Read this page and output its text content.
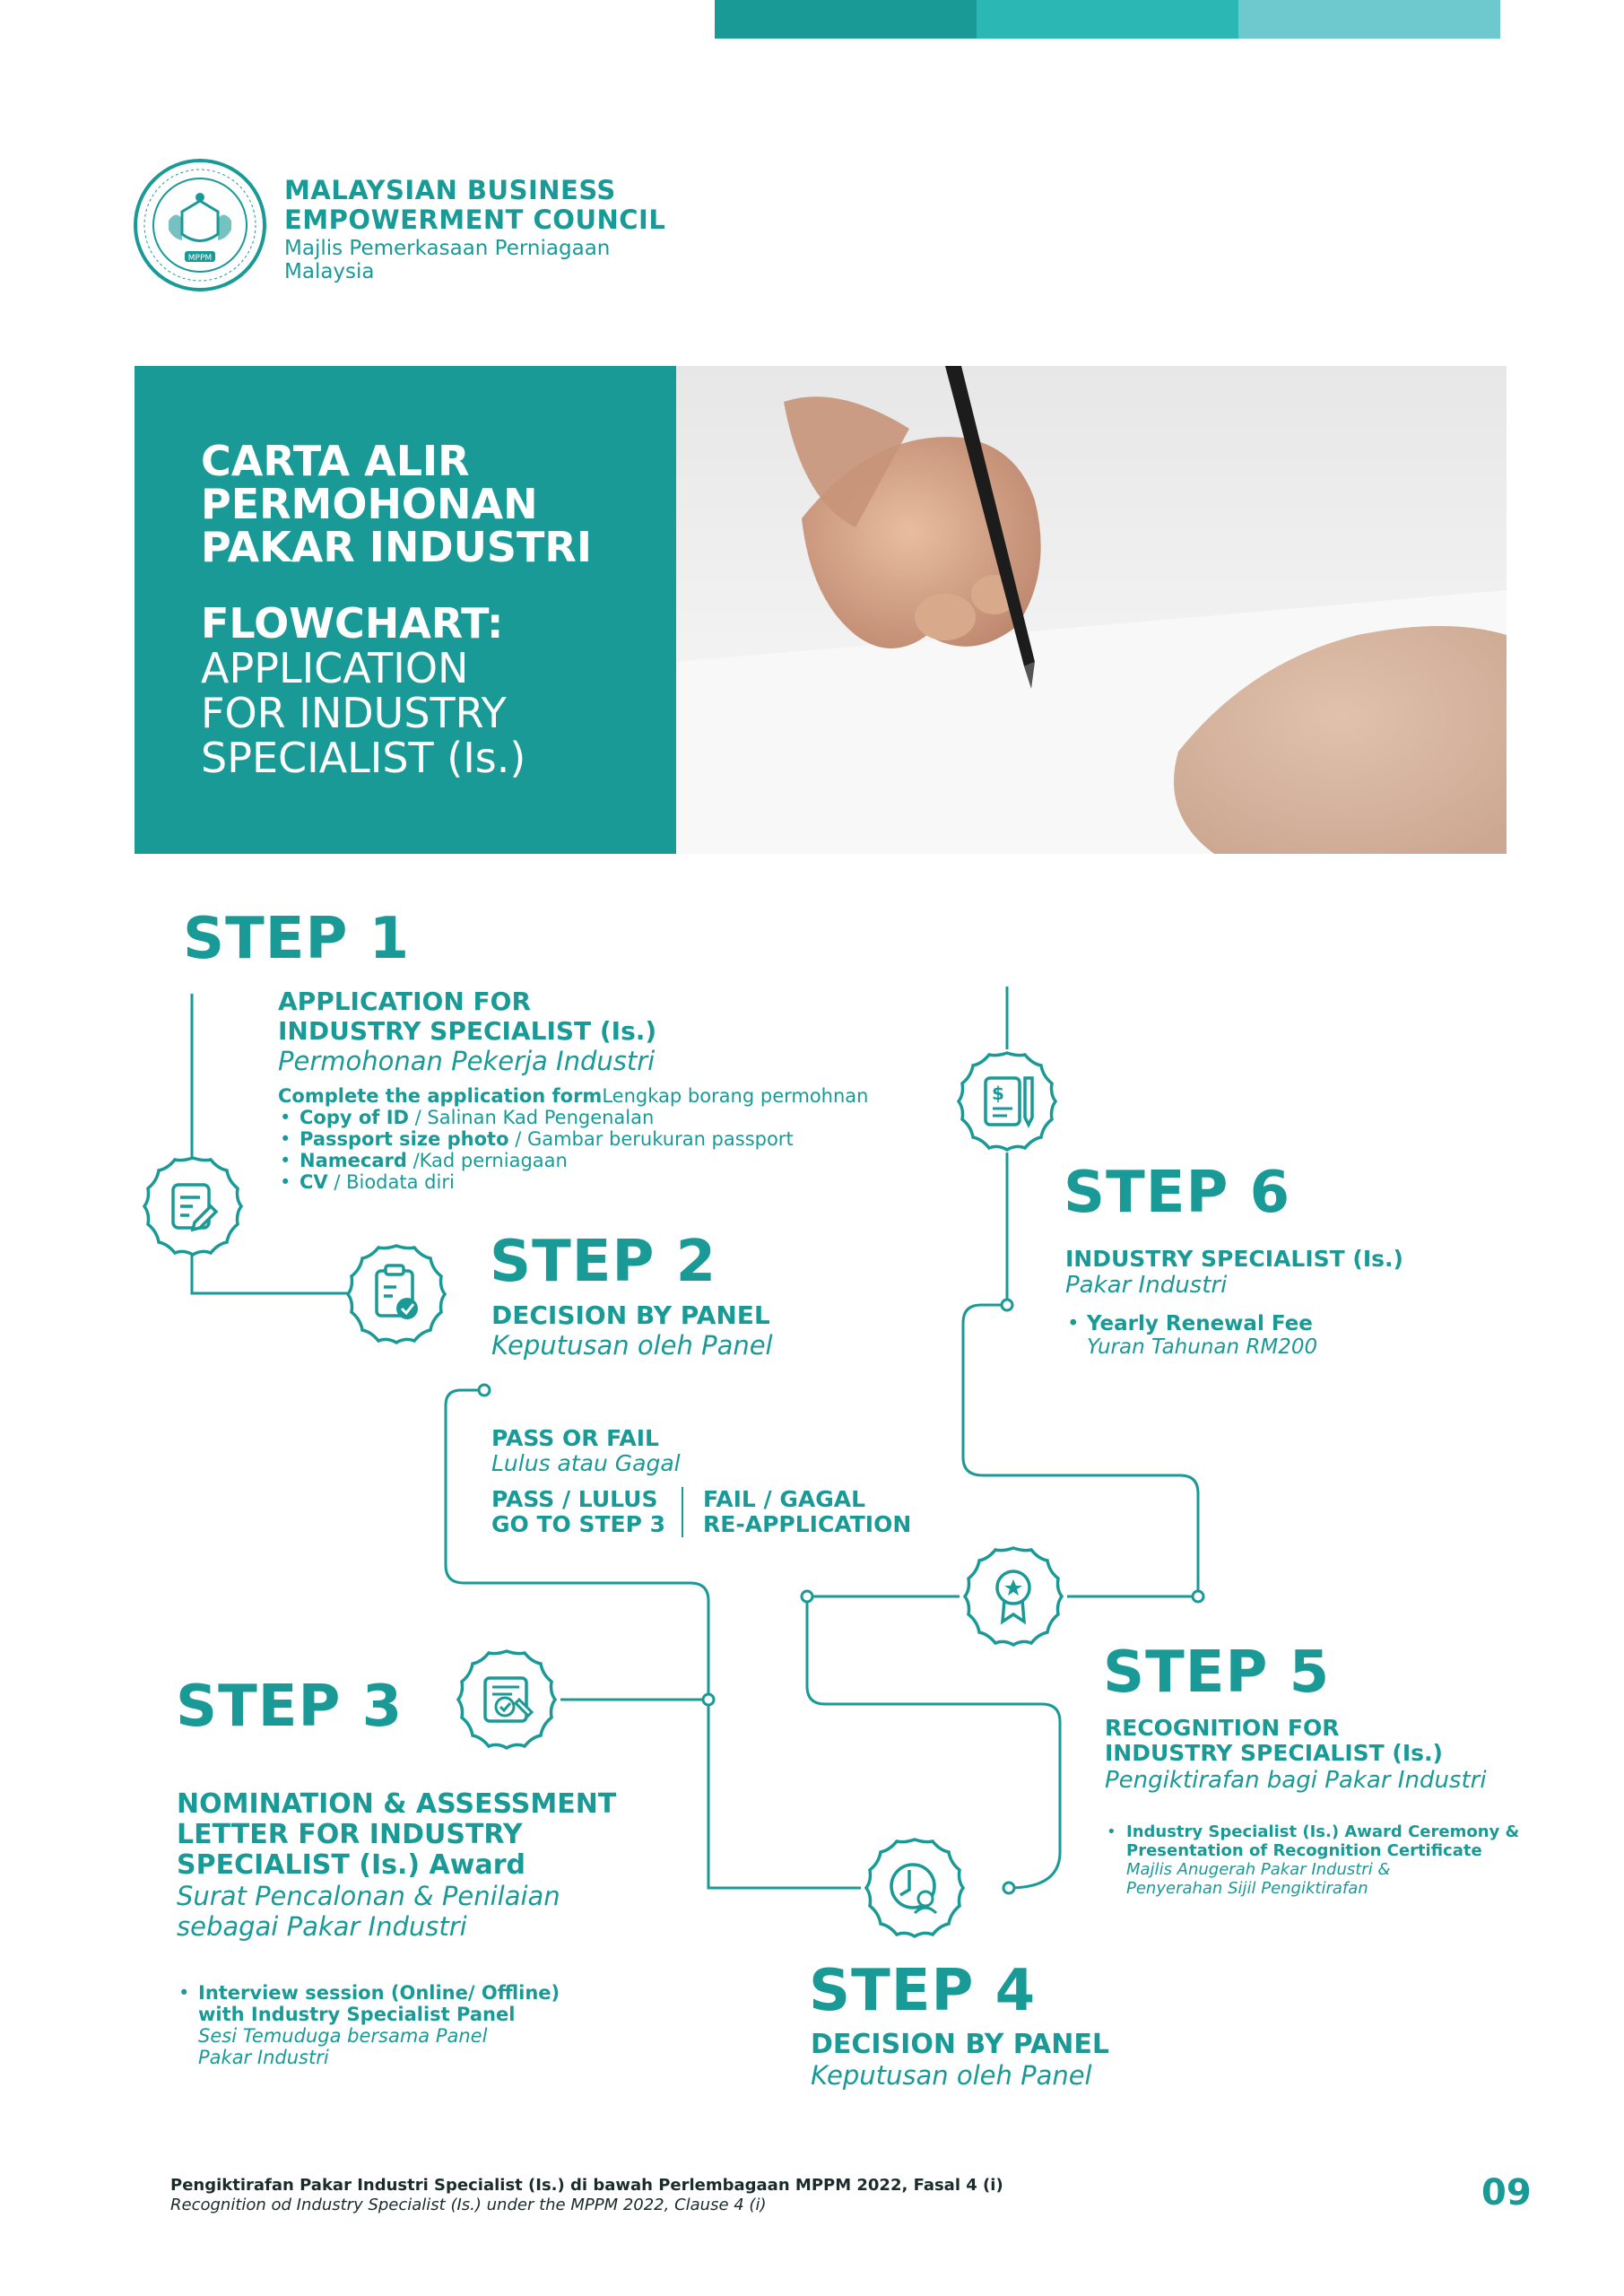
MPPM
MALAYSIAN BUSINESS
EMPOWERMENT COUNCIL
Majlis Pemerkasaan Perniagaan
Malaysia
CARTA ALIR
PERMOHONAN
PAKAR INDUSTRI
FLOWCHART:
APPLICATION
FOR INDUSTRY
SPECIALIST (Is.)
$
STEP 1
APPLICATION FOR
INDUSTRY SPECIALIST (Is.)
Permohonan Pekerja Industri
Complete the application formLengkap borang permohnan
• Copy of ID / Salinan Kad Pengenalan
• Passport size photo / Gambar berukuran passport
• Namecard /Kad perniagaan
• CV / Biodata diri
STEP 2
DECISION BY PANEL
Keputusan oleh Panel
PASS OR FAIL
Lulus atau Gagal
PASS / LULUS
GO TO STEP 3
FAIL / GAGAL
RE-APPLICATION
STEP 3
NOMINATION & ASSESSMENT
LETTER FOR INDUSTRY
SPECIALIST (Is.) Award
Surat Pencalonan & Penilaian
sebagai Pakar Industri
• Interview session (Online/ Offline)
with Industry Specialist Panel
Sesi Temuduga bersama Panel
Pakar Industri
STEP 4
DECISION BY PANEL
Keputusan oleh Panel
STEP 5
RECOGNITION FOR
INDUSTRY SPECIALIST (Is.)
Pengiktirafan bagi Pakar Industri
• Industry Specialist (Is.) Award Ceremony &
Presentation of Recognition Certificate
Majlis Anugerah Pakar Industri &
Penyerahan Sijil Pengiktirafan
STEP 6
INDUSTRY SPECIALIST (Is.)
Pakar Industri
• Yearly Renewal Fee
Yuran Tahunan RM200
Pengiktirafan Pakar Industri Specialist (Is.) di bawah Perlembagaan MPPM 2022, Fasal 4 (i)
Recognition od Industry Specialist (Is.) under the MPPM 2022, Clause 4 (i)	09
